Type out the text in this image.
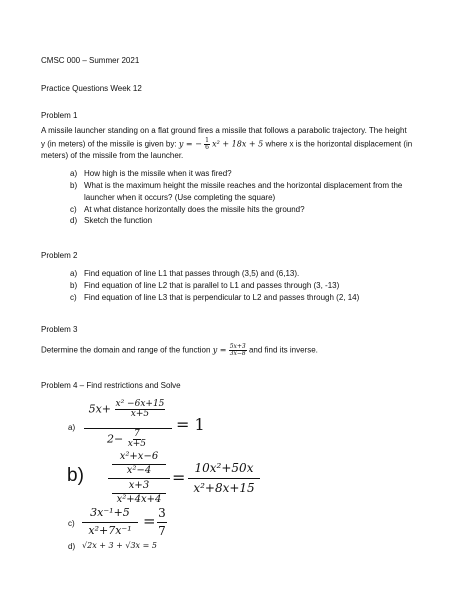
CMSC 000 – Summer 2021
Practice Questions Week 12
Problem 1
A missile launcher standing on a flat ground fires a missile that follows a parabolic trajectory. The height
y (in meters) of the missile is given by: y = − $\frac{1}{6} x^2 + 18x + 5$ where x is the horizontal displacement (in
meters) of the missile from the launcher.
a) How high is the missile when it was fired?
b) What is the maximum height the missile reaches and the horizontal displacement from the
launcher when it occurs? (Use completing the square)
c) At what distance horizontally does the missile hits the ground?
d) Sketch the function
Problem 2
a) Find equation of line L1 that passes through (3,5) and (6,13).
b) Find equation of line L2 that is parallel to L1 and passes through (3, -13)
c) Find equation of line L3 that is perpendicular to L2 and passes through (2, 14)
Problem 3
Determine the domain and range of the function $y = \frac{5x+3}{3x-8}$ and find its inverse.
Problem 4 – Find restrictions and Solve
a)
$5x+ \frac{\text{x² −6x+15}}{x+5}$
$2- \frac{7}{x+5}$
= 1
b)
x²+x−6
x²−4
x+3
x²+4x+4
= 10x²+50x
x²+8x+15
c)
3x⁻¹+5
x²+7x⁻¹
= 3
7
d) √2x + 3 + √3x = 5
